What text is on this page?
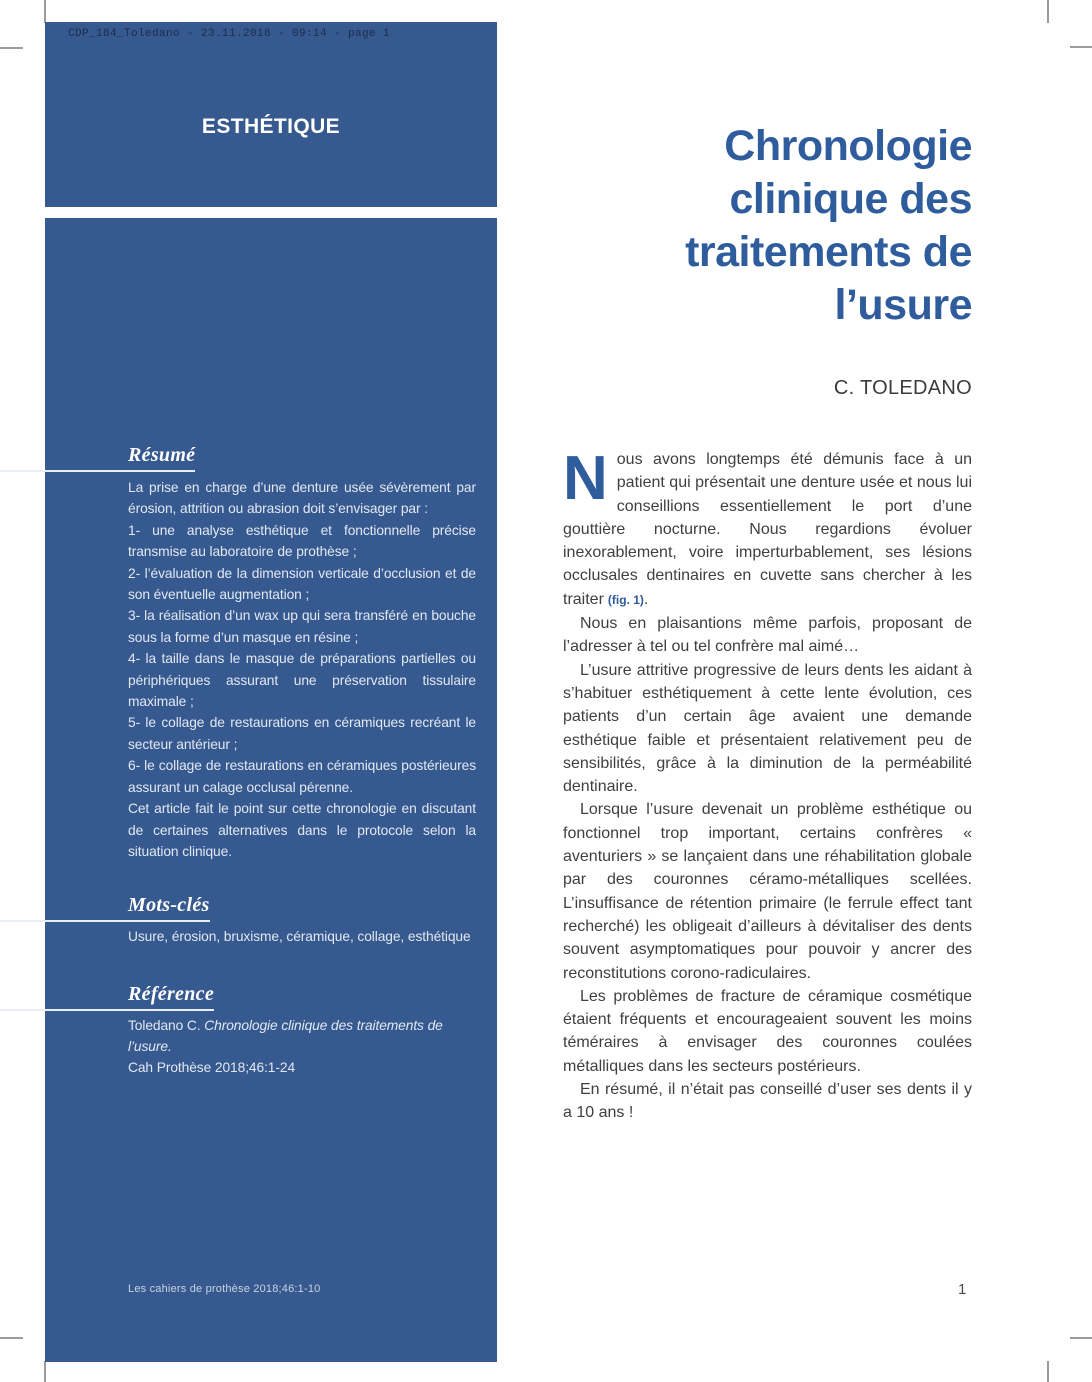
CDP_184_Toledano - 23.11.2018 - 09:14 - page 1
ESTHÉTIQUE
Résumé

La prise en charge d’une denture usée sévèrement par érosion, attrition ou abrasion doit s’envisager par :

1- une analyse esthétique et fonctionnelle précise transmise au laboratoire de prothèse ;

2- l’évaluation de la dimension verticale d’occlusion et de son éventuelle augmentation ;

3- la réalisation d’un wax up qui sera transféré en bouche sous la forme d’un masque en résine ;

4- la taille dans le masque de préparations partielles ou périphériques assurant une préservation tissulaire maximale ;

5- le collage de restaurations en céramiques recréant le secteur antérieur ;

6- le collage de restaurations en céramiques postérieures assurant un calage occlusal pérenne.

Cet article fait le point sur cette chronologie en discutant de certaines alternatives dans le protocole selon la situation clinique.

Mots-clés
Usure, érosion, bruxisme, céramique, collage, esthétique
Référence
Toledano C. Chronologie clinique des traitements de l’usure.
Cah Prothèse 2018;46:1-24
Les cahiers de prothèse 2018;46:1-10
Chronologie clinique des traitements de l’usure
C. TOLEDANO

Nous avons longtemps été démunis face à un patient qui présentait une denture usée et nous lui conseillions essentiellement le port d’une gouttière nocturne. Nous regardions évoluer inexorablement, voire imperturbablement, ses lésions occlusales dentinaires en cuvette sans chercher à les traiter (fig. 1).

Nous en plaisantions même parfois, proposant de l’adresser à tel ou tel confrère mal aimé…

L’usure attritive progressive de leurs dents les aidant à s’habituer esthétiquement à cette lente évolution, ces patients d’un certain âge avaient une demande esthétique faible et présentaient relativement peu de sensibilités, grâce à la diminution de la perméabilité dentinaire.

Lorsque l’usure devenait un problème esthétique ou fonctionnel trop important, certains confrères « aventuriers » se lançaient dans une réhabilitation globale par des couronnes céramo-métalliques scellées. L’insuffisance de rétention primaire (le ferrule effect tant recherché) les obligeait d’ailleurs à dévitaliser des dents souvent asymptomatiques pour pouvoir y ancrer des reconstitutions corono-radiculaires.

Les problèmes de fracture de céramique cosmétique étaient fréquents et encourageaient souvent les moins téméraires à envisager des couronnes coulées métalliques dans les secteurs postérieurs.

En résumé, il n’était pas conseillé d’user ses dents il y a 10 ans !

1
